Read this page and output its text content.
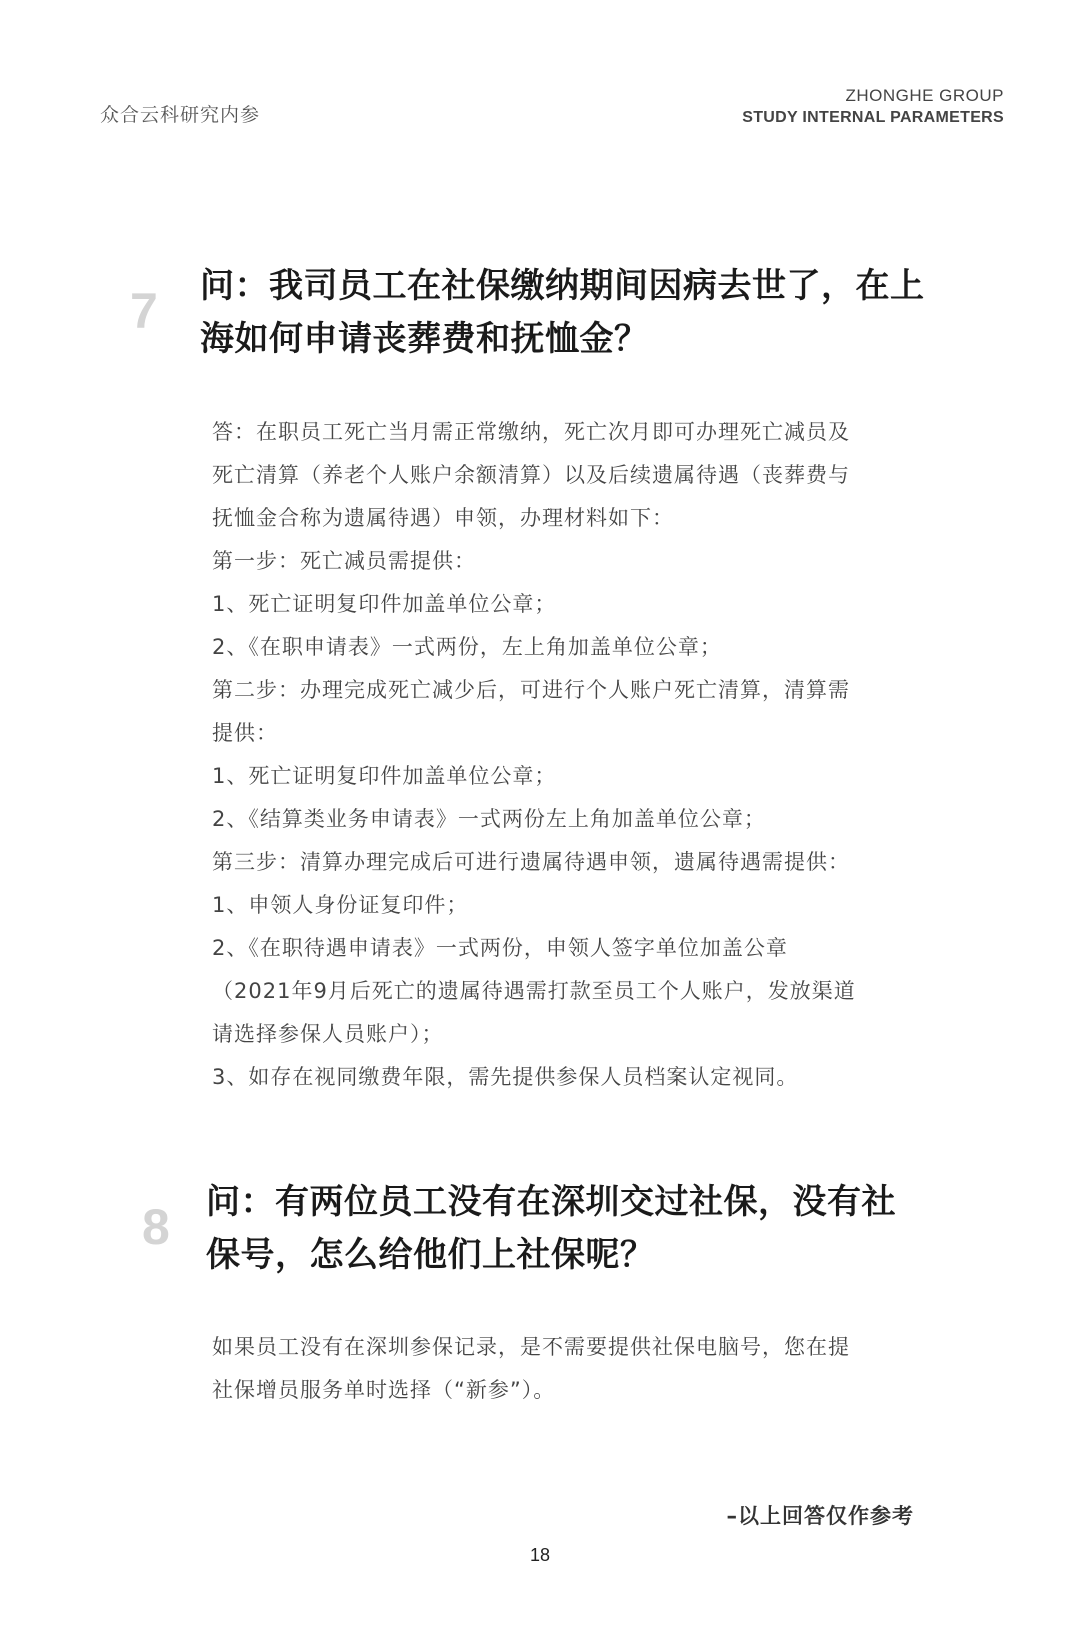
众合云科研究内参
ZHONGHE GROUP
STUDY INTERNAL PARAMETERS
7 问：我司员工在社保缴纳期间因病去世了，在上
海如何申请丧葬费和抚恤金？
答：在职员工死亡当月需正常缴纳，死亡次月即可办理死亡减员及
死亡清算（养老个人账户余额清算）以及后续遗属待遇（丧葬费与
抚恤金合称为遗属待遇）申领，办理材料如下：
第一步：死亡减员需提供：
1、死亡证明复印件加盖单位公章；
2、《在职申请表》一式两份，左上角加盖单位公章；
第二步：办理完成死亡减少后，可进行个人账户死亡清算，清算需
提供：
1、死亡证明复印件加盖单位公章；
2、《结算类业务申请表》一式两份左上角加盖单位公章；
第三步：清算办理完成后可进行遗属待遇申领，遗属待遇需提供：
1、申领人身份证复印件；
2、《在职待遇申请表》一式两份，申领人签字单位加盖公章
（2021年9月后死亡的遗属待遇需打款至员工个人账户，发放渠道
请选择参保人员账户）；
3、如存在视同缴费年限，需先提供参保人员档案认定视同。
8 问：有两位员工没有在深圳交过社保，没有社
保号，怎么给他们上社保呢？
如果员工没有在深圳参保记录，是不需要提供社保电脑号，您在提
社保增员服务单时选择（“新参”）。
–以上回答仅作参考
18
